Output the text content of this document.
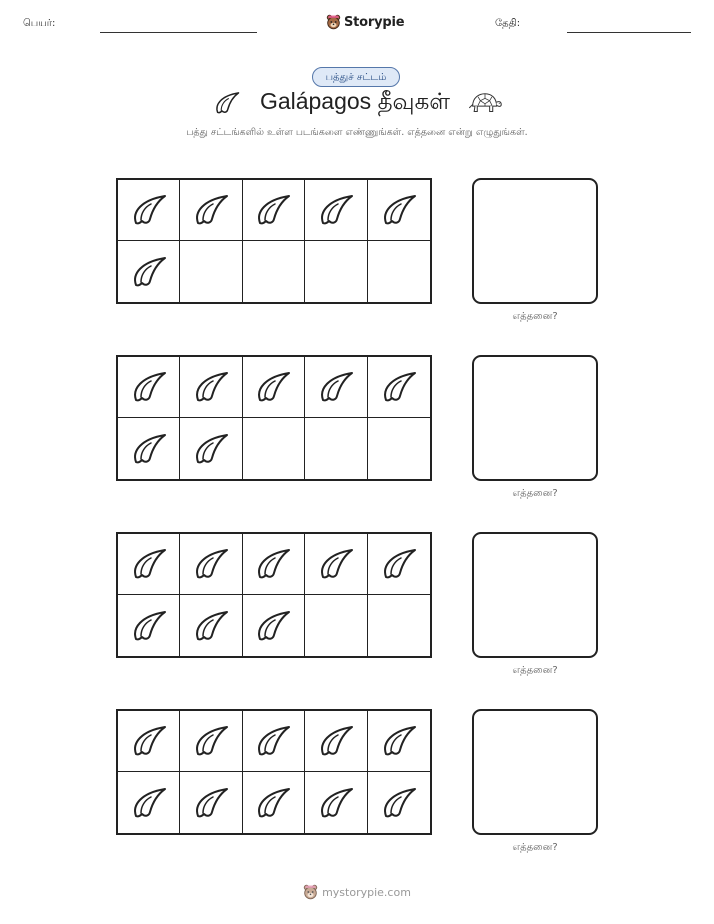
பெயர்:	Storypie	தேதி:
பத்துச் சட்டம்
Galápagos தீவுகள்
பத்து சட்டங்களில் உள்ள படங்களை எண்ணுங்கள். எத்தனை என்று எழுதுங்கள்.
எத்தனை?
எத்தனை?
எத்தனை?
எத்தனை?
mystorypie.com
